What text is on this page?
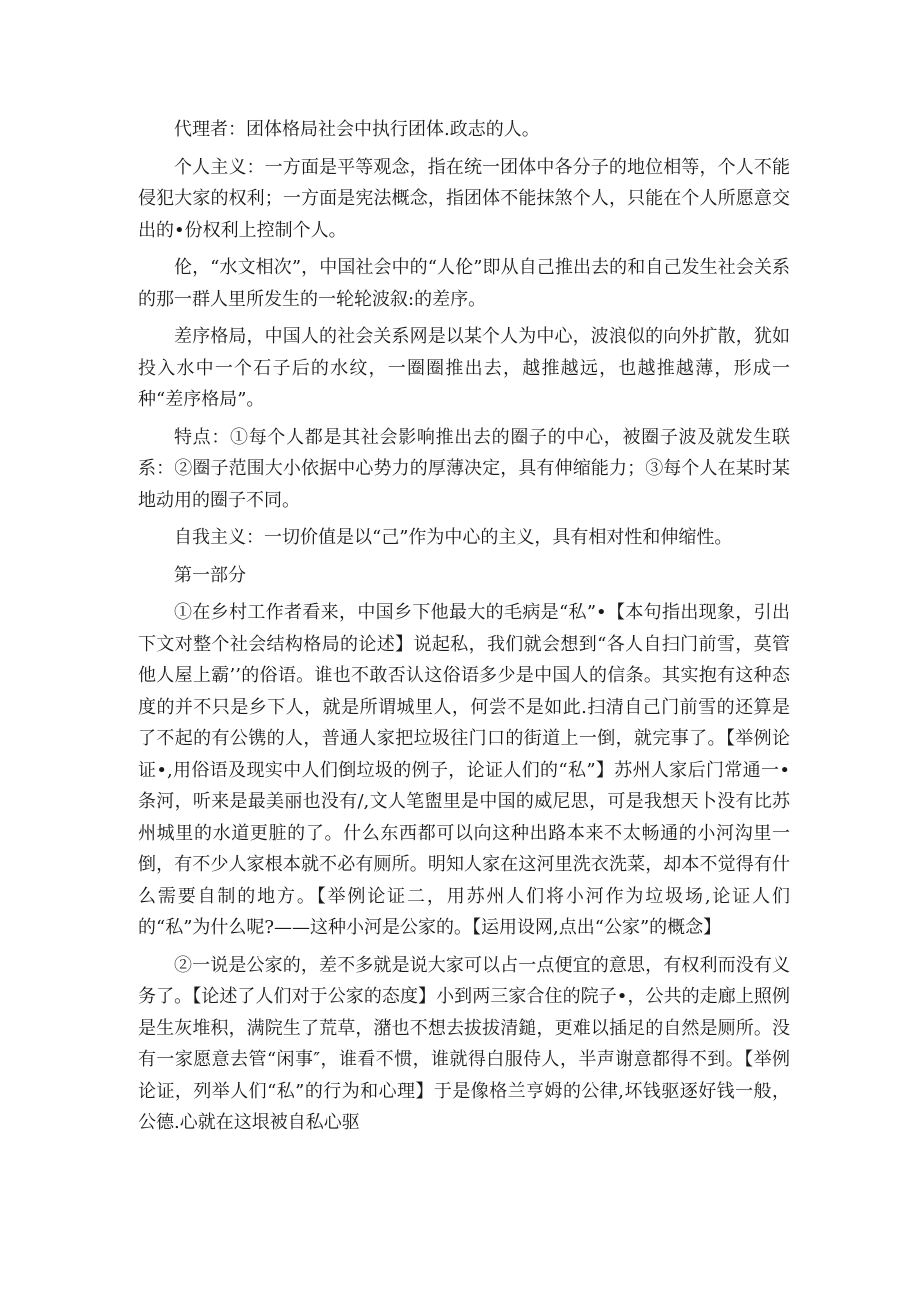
代理者：团体格局社会中执行团体.政志的人。

个人主义：一方面是平等观念，指在统一团体中各分子的地位相等，个人不能侵犯大家的权利；一方面是宪法概念，指团体不能抹煞个人，只能在个人所愿意交出的•份权利上控制个人。

伦，“水文相次”，中国社会中的“人伦”即从自己推出去的和自己发生社会关系的那一群人里所发生的一轮轮波叙:的差序。

差序格局，中国人的社会关系网是以某个人为中心，波浪似的向外扩散，犹如投入水中一个石子后的水纹，一圈圈推出去，越推越远，也越推越薄，形成一种“差序格局”。

特点：①每个人都是其社会影响推出去的圈子的中心，被圈子波及就发生联系：②圈子范围大小依据中心势力的厚薄决定，具有伸缩能力；③每个人在某时某地动用的圈子不同。

自我主义：一切价值是以“己”作为中心的主义，具有相对性和伸缩性。

第一部分

①在乡村工作者看来，中国乡下他最大的毛病是“私”•【本句指出现象，引出下文对整个社会结构格局的论述】说起私，我们就会想到“各人自扫门前雪，莫管他人屋上霸’’的俗语。谁也不敢否认这俗语多少是中国人的信条。其实抱有这种态度的并不只是乡下人，就是所谓城里人，何尝不是如此.扫清自己门前雪的还算是了不起的有公镌的人，普通人家把垃圾往门口的街道上一倒，就完事了。【举例论证•,用俗语及现实中人们倒垃圾的例子，论证人们的“私”】苏州人家后门常通一•条河，听来是最美丽也没有/,文人笔盥里是中国的威尼思，可是我想天卜没有比苏州城里的水道更脏的了。什么东西都可以向这种出路本来不太畅通的小河沟里一倒，有不少人家根本就不必有厕所。明知人家在这河里洗衣洗菜，却本不觉得有什么需要自制的地方。【举例论证二，用苏州人们将小河作为垃圾场,论证人们的“私”为什么呢?——这种小河是公家的。【运用设网,点出“公家”的概念】

②一说是公家的，差不多就是说大家可以占一点便宜的意思，有权利而没有义务了。【论述了人们对于公家的态度】小到两三家合住的院子•，公共的走廊上照例是生灰堆积，满院生了荒草，潴也不想去拔拔清鎚，更难以插足的自然是厕所。没有一家愿意去管“闲事″，谁看不惯，谁就得白服侍人，半声谢意都得不到。【举例论证，列举人们“私”的行为和心理】于是像格兰亨姆的公律,坏钱驱逐好钱一般，公德.心就在这垠被自私心驱
